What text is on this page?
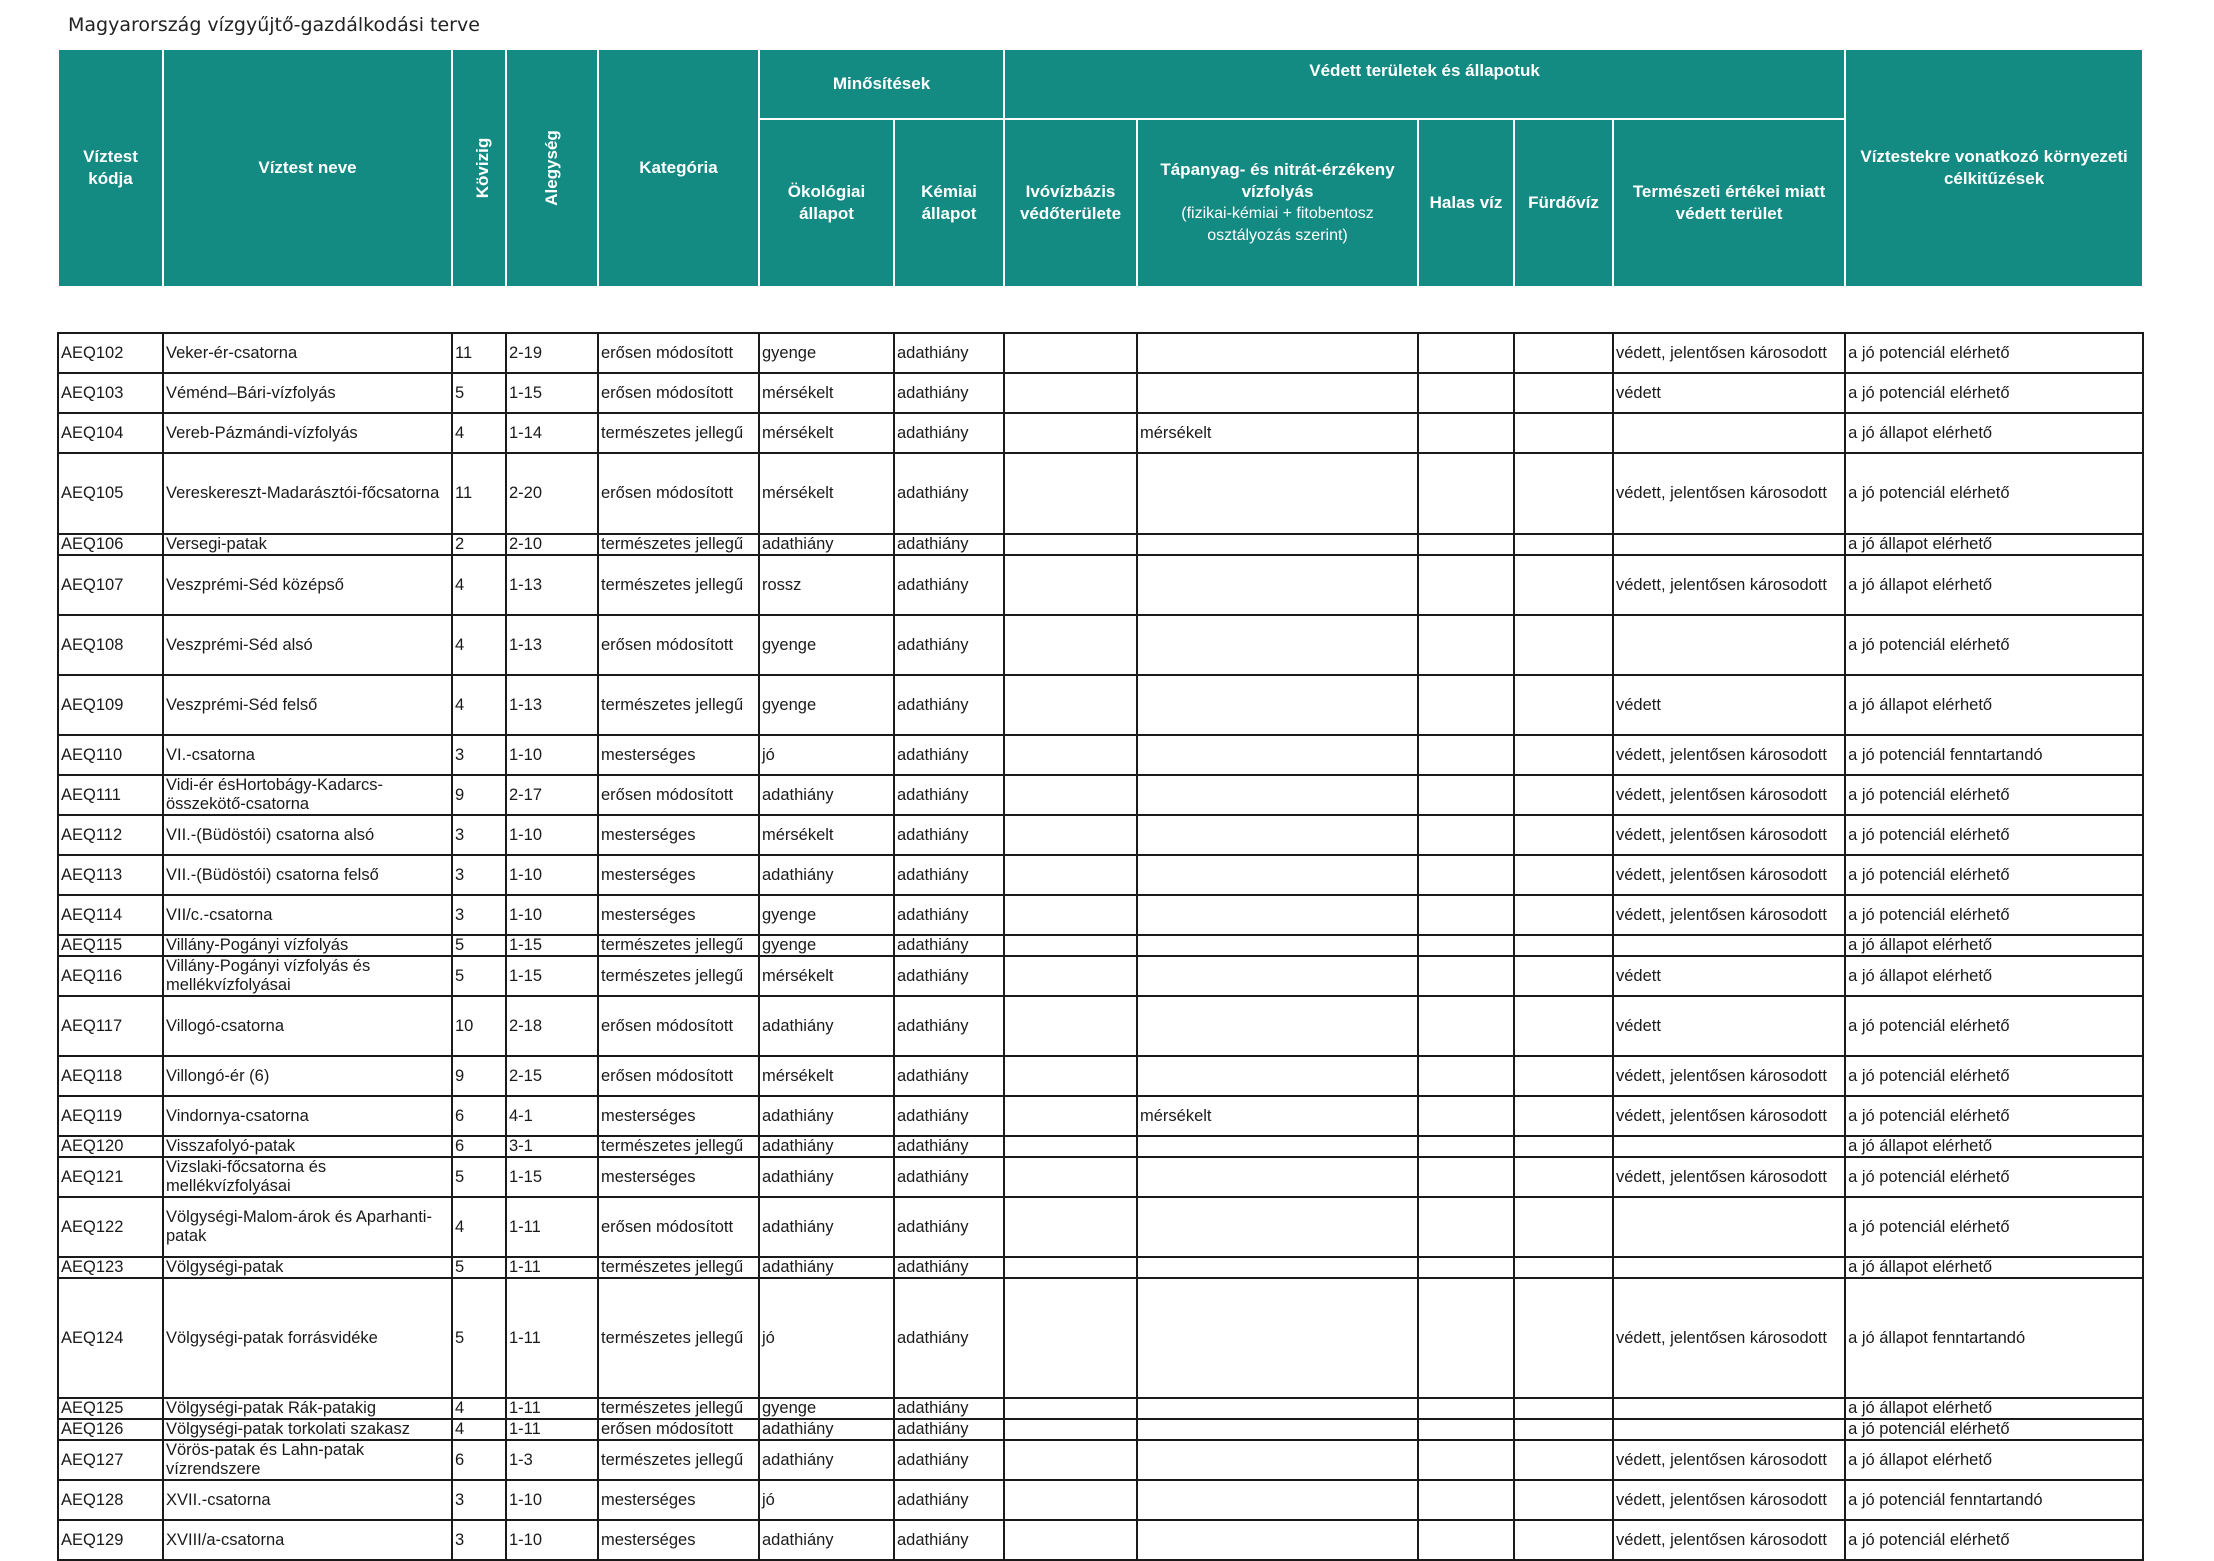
Magyarország vízgyűjtő-gazdálkodási terve
Víztest kódja	Víztest neve	Kövizig	Alegység	Kategória	Minősítések		Védett területek és állapotuk					Víztestekre vonatkozó környezeti célkitűzések
					Ökológiai állapot	Kémiai állapot	Ivóvízbázis védőterülete	Tápanyag- és nitrát-érzékeny vízfolyás
(fizikai-kémiai + fitobentosz osztályozás szerint)	Halas víz	Fürdővíz	Természeti értékei miatt védett terület	

AEQ102	Veker-ér-csatorna	11	2-19	erősen módosított	gyenge	adathiány					védett, jelentősen károsodott	a jó potenciál elérhető
AEQ103	Véménd–Bári-vízfolyás	5	1-15	erősen módosított	mérsékelt	adathiány					védett	a jó potenciál elérhető
AEQ104	Vereb-Pázmándi-vízfolyás	4	1-14	természetes jellegű	mérsékelt	adathiány		mérsékelt				a jó állapot elérhető
AEQ105	Vereskereszt-Madarásztói-főcsatorna	11	2-20	erősen módosított	mérsékelt	adathiány					védett, jelentősen károsodott	a jó potenciál elérhető
AEQ106	Versegi-patak	2	2-10	természetes jellegű	adathiány	adathiány						a jó állapot elérhető
AEQ107	Veszprémi-Séd középső	4	1-13	természetes jellegű	rossz	adathiány					védett, jelentősen károsodott	a jó állapot elérhető
AEQ108	Veszprémi-Séd alsó	4	1-13	erősen módosított	gyenge	adathiány						a jó potenciál elérhető
AEQ109	Veszprémi-Séd felső	4	1-13	természetes jellegű	gyenge	adathiány					védett	a jó állapot elérhető
AEQ110	VI.-csatorna	3	1-10	mesterséges	jó	adathiány					védett, jelentősen károsodott	a jó potenciál fenntartandó
AEQ111	Vidi-ér ésHortobágy-Kadarcs-összekötő-csatorna	9	2-17	erősen módosított	adathiány	adathiány					védett, jelentősen károsodott	a jó potenciál elérhető
AEQ112	VII.-(Büdöstói) csatorna alsó	3	1-10	mesterséges	mérsékelt	adathiány					védett, jelentősen károsodott	a jó potenciál elérhető
AEQ113	VII.-(Büdöstói) csatorna felső	3	1-10	mesterséges	adathiány	adathiány					védett, jelentősen károsodott	a jó potenciál elérhető
AEQ114	VII/c.-csatorna	3	1-10	mesterséges	gyenge	adathiány					védett, jelentősen károsodott	a jó potenciál elérhető
AEQ115	Villány-Pogányi vízfolyás	5	1-15	természetes jellegű	gyenge	adathiány						a jó állapot elérhető
AEQ116	Villány-Pogányi vízfolyás és mellékvízfolyásai	5	1-15	természetes jellegű	mérsékelt	adathiány					védett	a jó állapot elérhető
AEQ117	Villogó-csatorna	10	2-18	erősen módosított	adathiány	adathiány					védett	a jó potenciál elérhető
AEQ118	Villongó-ér (6)	9	2-15	erősen módosított	mérsékelt	adathiány					védett, jelentősen károsodott	a jó potenciál elérhető
AEQ119	Vindornya-csatorna	6	4-1	mesterséges	adathiány	adathiány		mérsékelt			védett, jelentősen károsodott	a jó potenciál elérhető
AEQ120	Visszafolyó-patak	6	3-1	természetes jellegű	adathiány	adathiány						a jó állapot elérhető
AEQ121	Vizslaki-főcsatorna és mellékvízfolyásai	5	1-15	mesterséges	adathiány	adathiány					védett, jelentősen károsodott	a jó potenciál elérhető
AEQ122	Völgységi-Malom-árok és Aparhanti-patak	4	1-11	erősen módosított	adathiány	adathiány						a jó potenciál elérhető
AEQ123	Völgységi-patak	5	1-11	természetes jellegű	adathiány	adathiány						a jó állapot elérhető
AEQ124	Völgységi-patak forrásvidéke	5	1-11	természetes jellegű	jó	adathiány					védett, jelentősen károsodott	a jó állapot fenntartandó
AEQ125	Völgységi-patak Rák-patakig	4	1-11	természetes jellegű	gyenge	adathiány						a jó állapot elérhető
AEQ126	Völgységi-patak torkolati szakasz	4	1-11	erősen módosított	adathiány	adathiány						a jó potenciál elérhető
AEQ127	Vörös-patak és Lahn-patak vízrendszere	6	1-3	természetes jellegű	adathiány	adathiány					védett, jelentősen károsodott	a jó állapot elérhető
AEQ128	XVII.-csatorna	3	1-10	mesterséges	jó	adathiány					védett, jelentősen károsodott	a jó potenciál fenntartandó
AEQ129	XVIII/a-csatorna	3	1-10	mesterséges	adathiány	adathiány					védett, jelentősen károsodott	a jó potenciál elérhető
